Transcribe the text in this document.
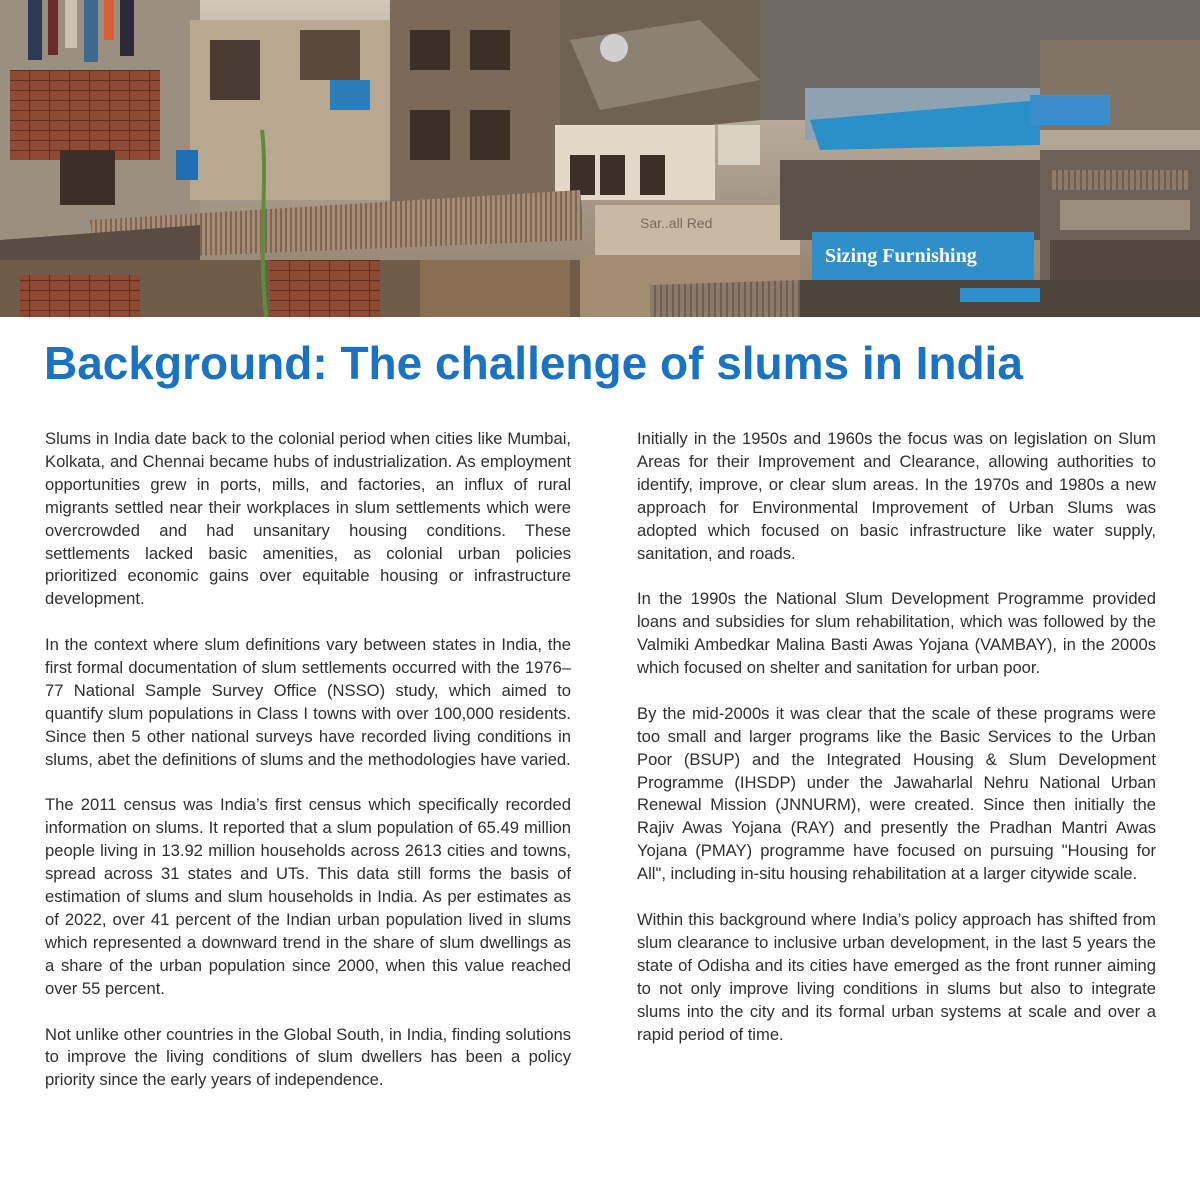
Sar..all Red
Sizing Furnishing
Background: The challenge of slums in India

Slums in India date back to the colonial period when cities like Mumbai, Kolkata, and Chennai became hubs of industrialization. As employment opportunities grew in ports, mills, and factories, an influx of rural migrants settled near their workplaces in slum settlements which were overcrowded and had unsanitary housing conditions. These settlements lacked basic amenities, as colonial urban policies prioritized economic gains over equitable housing or infrastructure development.

In the context where slum definitions vary between states in India, the first formal documentation of slum settlements occurred with the 1976–77 National Sample Survey Office (NSSO) study, which aimed to quantify slum populations in Class I towns with over 100,000 residents. Since then 5 other national surveys have recorded living conditions in slums, abet the definitions of slums and the methodologies have varied.

The 2011 census was India’s first census which specifically recorded information on slums. It reported that a slum population of 65.49 million people living in 13.92 million households across 2613 cities and towns, spread across 31 states and UTs. This data still forms the basis of estimation of slums and slum households in India. As per estimates as of 2022, over 41 percent of the Indian urban population lived in slums which represented a downward trend in the share of slum dwellings as a share of the urban population since 2000, when this value reached over 55 percent.

Not unlike other countries in the Global South, in India, finding solutions to improve the living conditions of slum dwellers has been a policy priority since the early years of independence.

Initially in the 1950s and 1960s the focus was on legislation on Slum Areas for their Improvement and Clearance, allowing authorities to identify, improve, or clear slum areas. In the 1970s and 1980s a new approach for Environmental Improvement of Urban Slums was adopted which focused on basic infrastructure like water supply, sanitation, and roads.

In the 1990s the National Slum Development Programme provided loans and subsidies for slum rehabilitation, which was followed by the Valmiki Ambedkar Malina Basti Awas Yojana (VAMBAY), in the 2000s which focused on shelter and sanitation for urban poor.

By the mid-2000s it was clear that the scale of these programs were too small and larger programs like the Basic Services to the Urban Poor (BSUP) and the Integrated Housing & Slum Development Programme (IHSDP) under the Jawaharlal Nehru National Urban Renewal Mission (JNNURM), were created. Since then initially the Rajiv Awas Yojana (RAY) and presently the Pradhan Mantri Awas Yojana (PMAY) programme have focused on pursuing "Housing for All", including in-situ housing rehabilitation at a larger citywide scale.

Within this background where India’s policy approach has shifted from slum clearance to inclusive urban development, in the last 5 years the state of Odisha and its cities have emerged as the front runner aiming to not only improve living conditions in slums but also to integrate slums into the city and its formal urban systems at scale and over a rapid period of time.
